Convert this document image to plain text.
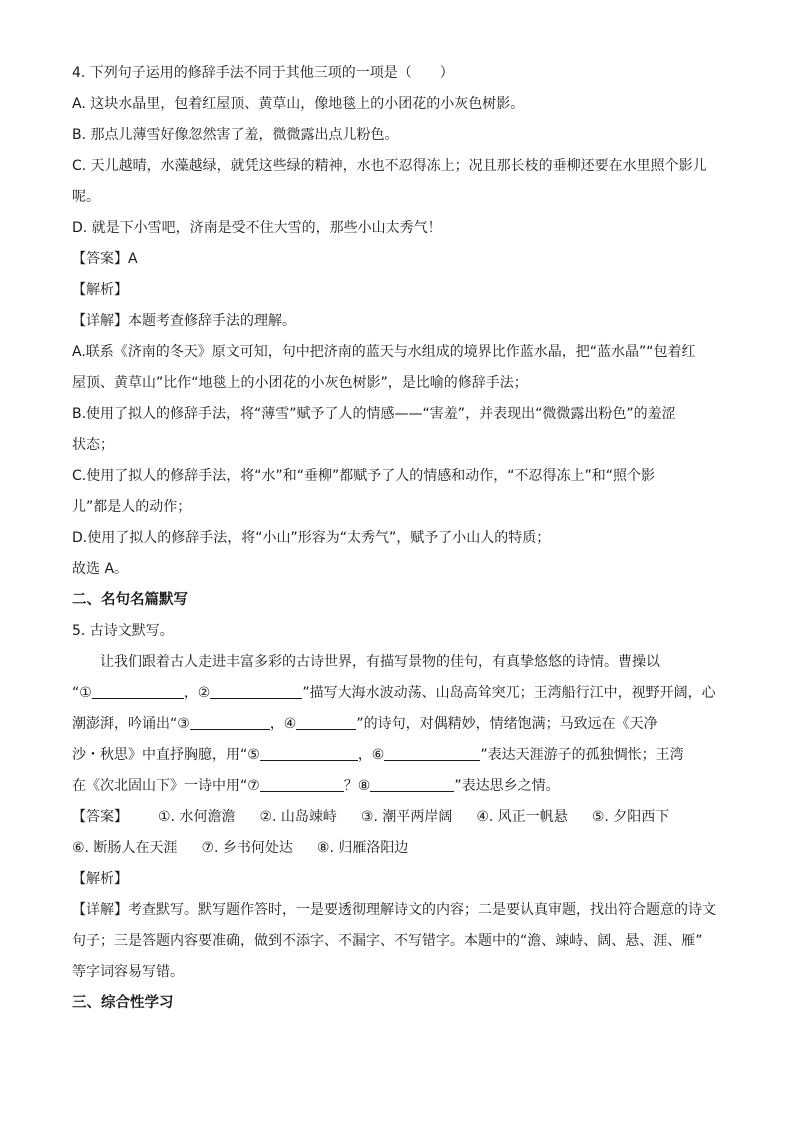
4. 下列句子运用的修辞手法不同于其他三项的一项是（　　）

A. 这块水晶里，包着红屋顶、黄草山，像地毯上的小团花的小灰色树影。

B. 那点儿薄雪好像忽然害了羞，微微露出点儿粉色。

C. 天儿越晴，水藻越绿，就凭这些绿的精神，水也不忍得冻上；况且那长枝的垂柳还要在水里照个影儿

呢。

D. 就是下小雪吧，济南是受不住大雪的，那些小山太秀气！

【答案】A

【解析】

【详解】本题考查修辞手法的理解。

A.联系《济南的冬天》原文可知，句中把济南的蓝天与水组成的境界比作蓝水晶，把“蓝水晶”“包着红

屋顶、黄草山”比作“地毯上的小团花的小灰色树影”，是比喻的修辞手法；

B.使用了拟人的修辞手法，将“薄雪”赋予了人的情感——“害羞”，并表现出“微微露出粉色”的羞涩

状态；

C.使用了拟人的修辞手法，将“水”和“垂柳”都赋予了人的情感和动作，“不忍得冻上”和“照个影

儿”都是人的动作；

D.使用了拟人的修辞手法，将“小山”形容为“太秀气”，赋予了小山人的特质；

故选 A。

二、名句名篇默写

5. 古诗文默写。

让我们跟着古人走进丰富多彩的古诗世界，有描写景物的佳句，有真挚悠悠的诗情。曹操以

“①	，②	”描写大海水波动荡、山岛高耸突兀；王湾船行江中，视野开阔，心

潮澎湃，吟诵出“③	，④	”的诗句，对偶精妙，情绪饱满；马致远在《天净

沙・秋思》中直抒胸臆，用“⑤	，⑥	”表达天涯游子的孤独惆怅；王湾

在《次北固山下》一诗中用“⑦	？⑧	”表达思乡之情。

【答案】 ①. 水何澹澹 ②. 山岛竦峙 ③. 潮平两岸阔 ④. 风正一帆悬 ⑤. 夕阳西下

⑥. 断肠人在天涯 ⑦. 乡书何处达 ⑧. 归雁洛阳边

【解析】

【详解】考查默写。默写题作答时，一是要透彻理解诗文的内容；二是要认真审题，找出符合题意的诗文

句子；三是答题内容要准确，做到不添字、不漏字、不写错字。本题中的“澹、竦峙、阔、悬、涯、雁”

等字词容易写错。

三、综合性学习
